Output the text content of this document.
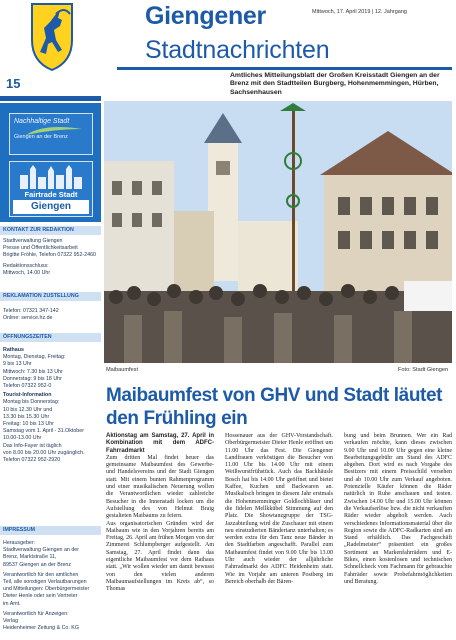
15
Nachhaltige Stadt
Giengen an der Brenz
Fairtrade Stadt
Giengen
KONTAKT ZUR REDAKTION
Stadtverwaltung Giengen
Presse und Öffentlichkeitsarbeit
Brigitte Fröhle, Telefon 07322 952-2460
Redaktionsschluss:
Mittwoch, 14.00 Uhr
REKLAMATION ZUSTELLUNG
Telefon: 07321 347-142
Online: service.hz.de
ÖFFNUNGSZEITEN
Rathaus
Montag, Dienstag, Freitag:
9 bis 13 Uhr
Mittwoch: 7.30 bis 13 Uhr
Donnerstag: 9 bis 18 Uhr
Telefon 07322 952-0
Tourist-Information
Montag bis Donnerstag:
10 bis 12.30 Uhr und
13.30 bis 15.30 Uhr
Freitag: 10 bis 13 Uhr
Samstag vom 1. April - 31.Oktober
10.00-13.00 Uhr
Das Info-Fayer ist täglich
von 8.00 bis 20.00 Uhr zugänglich.
Telefon 07322 952-2920
IMPRESSUM
Herausgeber:
Stadtverwaltung Giengen an der
Brenz, Marktstraße 11,
89537 Giengen an der Brenz
Verantwortlich für den amtlichen
Teil, alle sonstigen Verlautbarungen
und Mitteilungen: Oberbürgermeister
Dieter Henle oder sein Vertreter
im Amt.
Verantwortlich für Anzeigen:
Verlag
Heidenheimer Zeitung & Co. KG
Giengener
Stadtnachrichten
Mittwoch, 17. April 2019 | 12. Jahrgang
Amtliches Mitteilungsblatt der Großen Kreisstadt Giengen an der Brenz mit den Stadtteilen Burgberg, Hohenmemmingen, Hürben, Sachsenhausen
Maibaumfest	Foto: Stadt Giengen
Maibaumfest von GHV und Stadt läutet den Frühling ein

Aktionstag am Samstag, 27. April in Kombination mit dem ADFC-Fahrradmarkt

Zum dritten Mal findet heuer das gemeinsame Maibaumfest des Gewerbe- und Handelsvereins und der Stadt Giengen statt. Mit einem bunten Rahmenprogramm und einer musikalischen Neuerung wollen die Verantwortlichen wieder zahlreiche Besucher in die Innenstadt locken um die Aufstellung des von Helmut Braig gestalteten Maibaums zu feiern.
Aus organisatorischen Gründen wird der Maibaum wie in den Vorjahren bereits am Freitag, 26. April am frühen Morgen von der Zimmerei Schlumpberger aufgestellt. Am Samstag, 27. April findet dann das eigentliche Maibaumfest vor dem Rathaus statt. „Wir wollen wieder um damit bewusst von den vielen anderen Maibaumaufstellungen im Kreis ab“, so Thomas

Hossenauer aus der GHV-Vorstandschaft. Oberbürgermeister Dieter Henle eröffnet um 11.00 Uhr das Fest. Die Giengener Landfrauen verköstigen die Besucher von 11.00 Uhr bis 14.00 Uhr mit einem Weißwurstfrühstück. Auch das Backhäusle Bosch hat bis 14.00 Uhr geöffnet und bietet Kaffee, Kuchen und Backwaren an. Musikalisch bringen in diesem Jahr erstmals die Hohenmemminger Goldlochbläser und die fidelen Mellkkübel Stimmung auf den Platz. Die Showtanzgruppe der TSG-Jazzabteilung wird die Zuschauer mit einem neu einstudierten Bändertanz unterhalten; es werden extra für den Tanz neue Bänder in den Stadtfarben angeschafft. Parallel zum Maibaumfest findet von 9.00 Uhr bis 13.00 Uhr auch wieder der alljährliche Fahrradmarkt des ADFC Heidenheim statt. Wie im Vorjahr am unteren Postberg im Bereich oberhalb der Bären-

bung und beim Brunnen. Wer ein Rad verkaufen möchte, kann dieses zwischen 9.00 Uhr und 10.00 Uhr gegen eine kleine Bearbeitungsgebühr am Stand des ADFC abgeben. Dort wird es nach Vorgabe des Besitzers mit einem Preisschild versehen und ab 10.00 Uhr zum Verkauf angeboten. Potenzielle Käufer können die Räder natürlich in Ruhe anschauen und testen. Zwischen 14.00 Uhr und 15.00 Uhr können die Verkaufserlöse bzw. die nicht verkauften Räder wieder abgeholt werden. Auch verschiedenes Informationsmaterial über die Region sowie die ADFC-Radkarten sind am Stand erhältlich. Das Fachgeschäft „Radelmeister“ präsentiert ein großes Sortiment an Markenfahrrädern und E-Bikes, einen kostenlosen und technischen Schnellcheck vom Fachmann für gebrauchte Fahrräder sowie Probefahrmöglichkeiten und Beratung.
